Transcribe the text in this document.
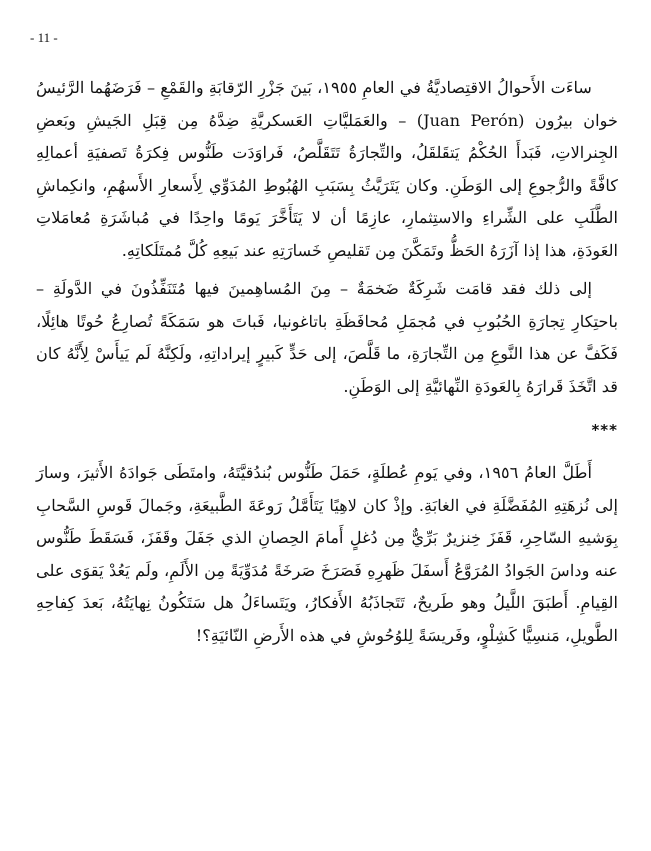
- 11 -

ساءَت الأَحوالُ الاقتِصاديَّةُ في العامِ ١٩٥٥، بَينَ جَزْرِ الرّقابَةِ والقَمْعِ – فَرَضَهُما الرَّئيسُ خوان بيرُون (Juan Perón) – والعَمَليَّاتِ العَسكريَّةِ ضِدَّهُ مِن قِبَلِ الجَيشِ وبَعضِ الجِنرالاتِ، فَبَدأَ الحُكْمُ يَتقَلقَلُ، والتِّجارَةُ تَتَقَلَّصُ، فَراوَدَت طَنُّوس فِكرَةُ تَصفيَةِ أعمالِهِ كافَّةً والرُّجوعِ إلى الوَطَنِ. وكان يَتَرَيَّثُ بِسَبَبِ الهُبُوطِ المُدَوِّي لِأَسعارِ الأَسهُمِ، وانكِماشِ الطَّلَبِ على الشِّراءِ والاستِثمارِ، عازِمًا أن لا يَتَأَخَّرَ يَومًا واحِدًا في مُباشَرَةِ مُعامَلاتِ العَودَةِ، هذا إذا آزَرَهُ الحَظُّ وتَمَكَّنَ مِن تَقليصِ خَسارَتِهِ عند بَيعِهِ كُلَّ مُمتَلَكاتِهِ.

إلى ذلك فقد قامَت شَرِكَةٌ ضَخمَةٌ – مِنَ المُساهِمينَ فيها مُتَنَفِّذُونَ في الدَّولَةِ – باحتِكارِ تِجارَةِ الحُبُوبِ في مُجمَلِ مُحافَظَةِ باتاغونيا، فَباتَ هو سَمَكَةً تُصارِعُ حُوتًا هائِلًا، فَكَفَّ عن هذا النَّوعِ مِن التِّجارَةِ، ما قَلَّصَ، إلى حَدٍّ كَبيرٍ إيراداتِهِ، ولَكِنَّهُ لَم يَيأَسْ لِأَنَّهُ كان قد اتَّخَذَ قَرارَهُ بِالعَودَةِ النِّهائيَّةِ إلى الوَطَنِ.

***

أَطَلَّ العامُ ١٩٥٦، وفي يَومِ عُطلَةٍ، حَمَلَ طَنُّوس بُندُقيَّتَهُ، وامتَطَى جَوادَهُ الأَثيرَ، وسارَ إلى نُزهَتِهِ المُفَضَّلَةِ في الغابَةِ. وإذْ كان لاهِيًا يَتَأَمَّلُ رَوعَةَ الطَّبيعَةِ، وجَمالَ قَوسِ السَّحابِ بِوَشيهِ السّاحِرِ، قَفَزَ خِنزيرٌ بَرِّيٌّ مِن دُغلٍ أَمامَ الحِصانِ الذي جَفَلَ وقَفَزَ، فَسَقَطَ طَنُّوس عنه وداسَ الجَوادُ المُرَوَّعُ أَسفَلَ ظَهرِهِ فَصَرَخَ صَرخَةً مُدَوِّيَةً مِن الأَلَمِ، ولَم يَعُدْ يَقوَى على القِيامِ. أَطبَقَ اللَّيلُ وهو طَريحٌ، تَتَجاذَبُهُ الأَفكارُ، ويَتَساءَلُ هل سَتَكُونُ نِهايَتُهُ، بَعدَ كِفاحِهِ الطَّويلِ، مَنسِيًّا كَشِلْوٍ، وفَريسَةً لِلوُحُوشِ في هذه الأَرضِ النّائيَةِ؟!
